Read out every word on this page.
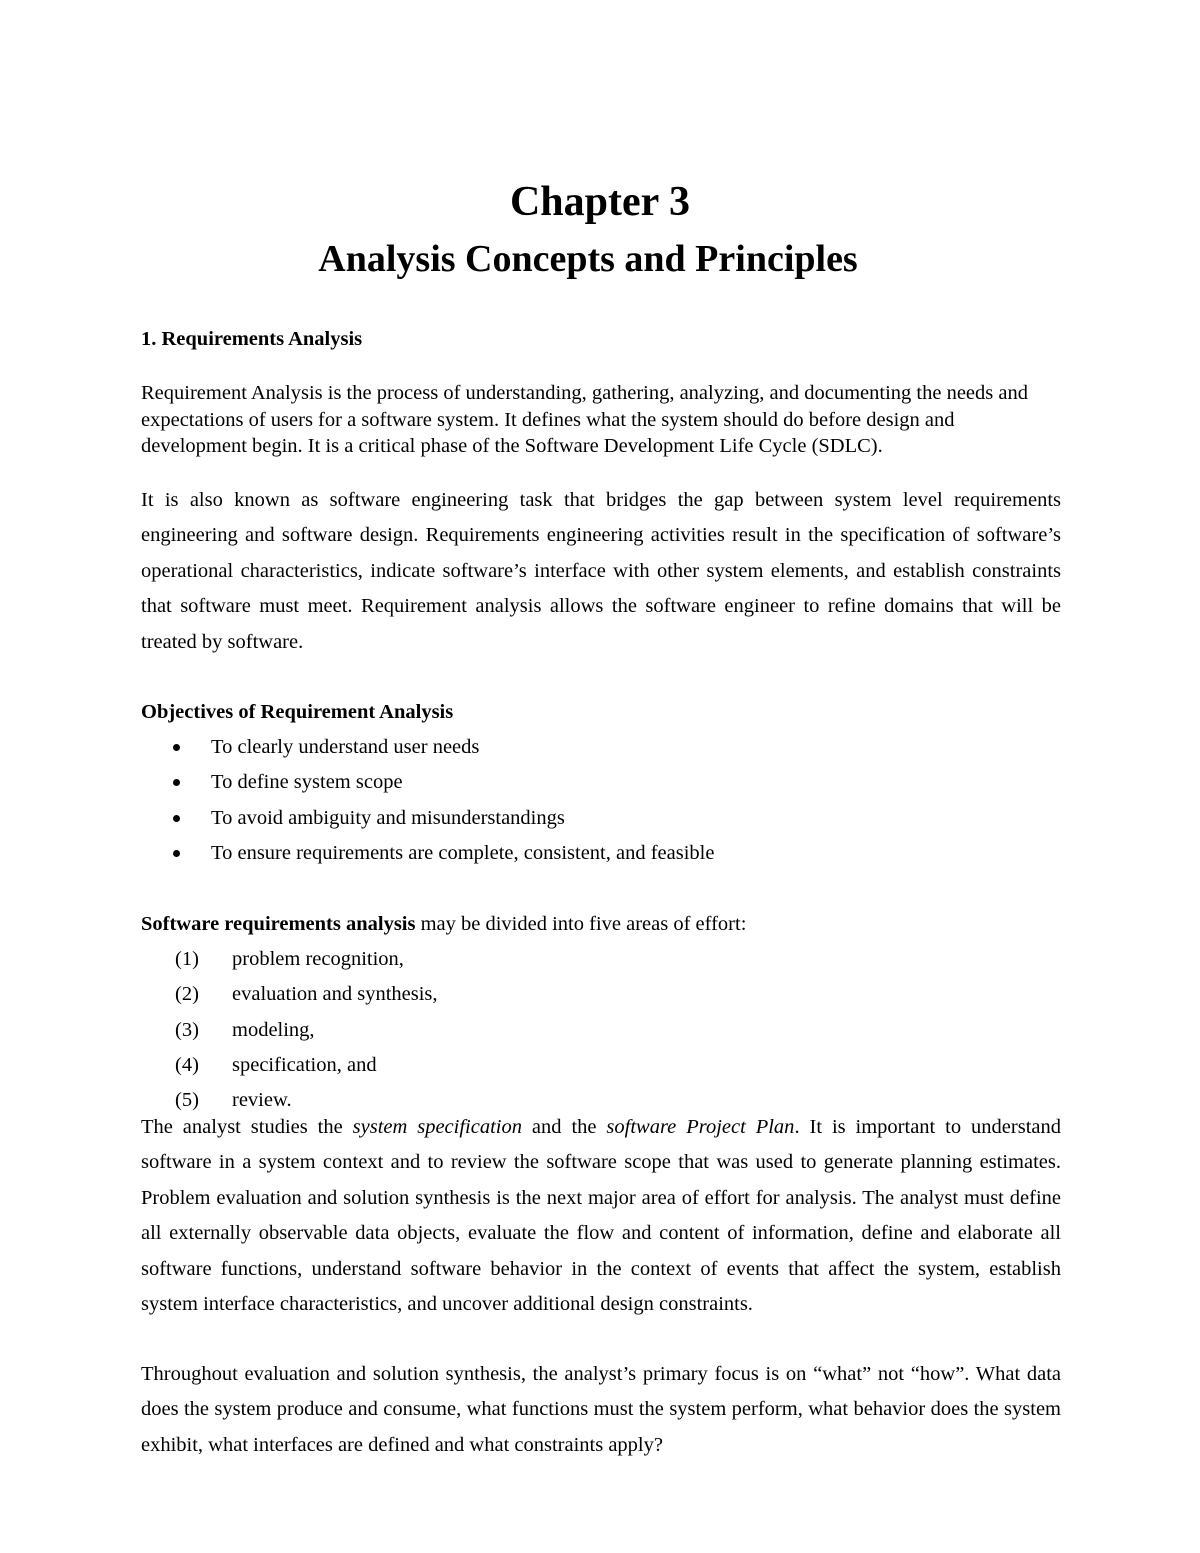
Chapter 3
Analysis Concepts and Principles

1. Requirements Analysis

Requirement Analysis is the process of understanding, gathering, analyzing, and documenting the needs and expectations of users for a software system. It defines what the system should do before design and development begin. It is a critical phase of the Software Development Life Cycle (SDLC).

It is also known as software engineering task that bridges the gap between system level requirements engineering and software design. Requirements engineering activities result in the specification of software’s operational characteristics, indicate software’s interface with other system elements, and establish constraints that software must meet. Requirement analysis allows the software engineer to refine domains that will be treated by software.

Objectives of Requirement Analysis

To clearly understand user needs
To define system scope
To avoid ambiguity and misunderstandings
To ensure requirements are complete, consistent, and feasible

Software requirements analysis may be divided into five areas of effort:

(1) problem recognition,
(2) evaluation and synthesis,
(3) modeling,
(4) specification, and
(5) review.

The analyst studies the system specification and the software Project Plan. It is important to understand software in a system context and to review the software scope that was used to generate planning estimates. Problem evaluation and solution synthesis is the next major area of effort for analysis. The analyst must define all externally observable data objects, evaluate the flow and content of information, define and elaborate all software functions, understand software behavior in the context of events that affect the system, establish system interface characteristics, and uncover additional design constraints.

Throughout evaluation and solution synthesis, the analyst’s primary focus is on “what” not “how”. What data does the system produce and consume, what functions must the system perform, what behavior does the system exhibit, what interfaces are defined and what constraints apply?
